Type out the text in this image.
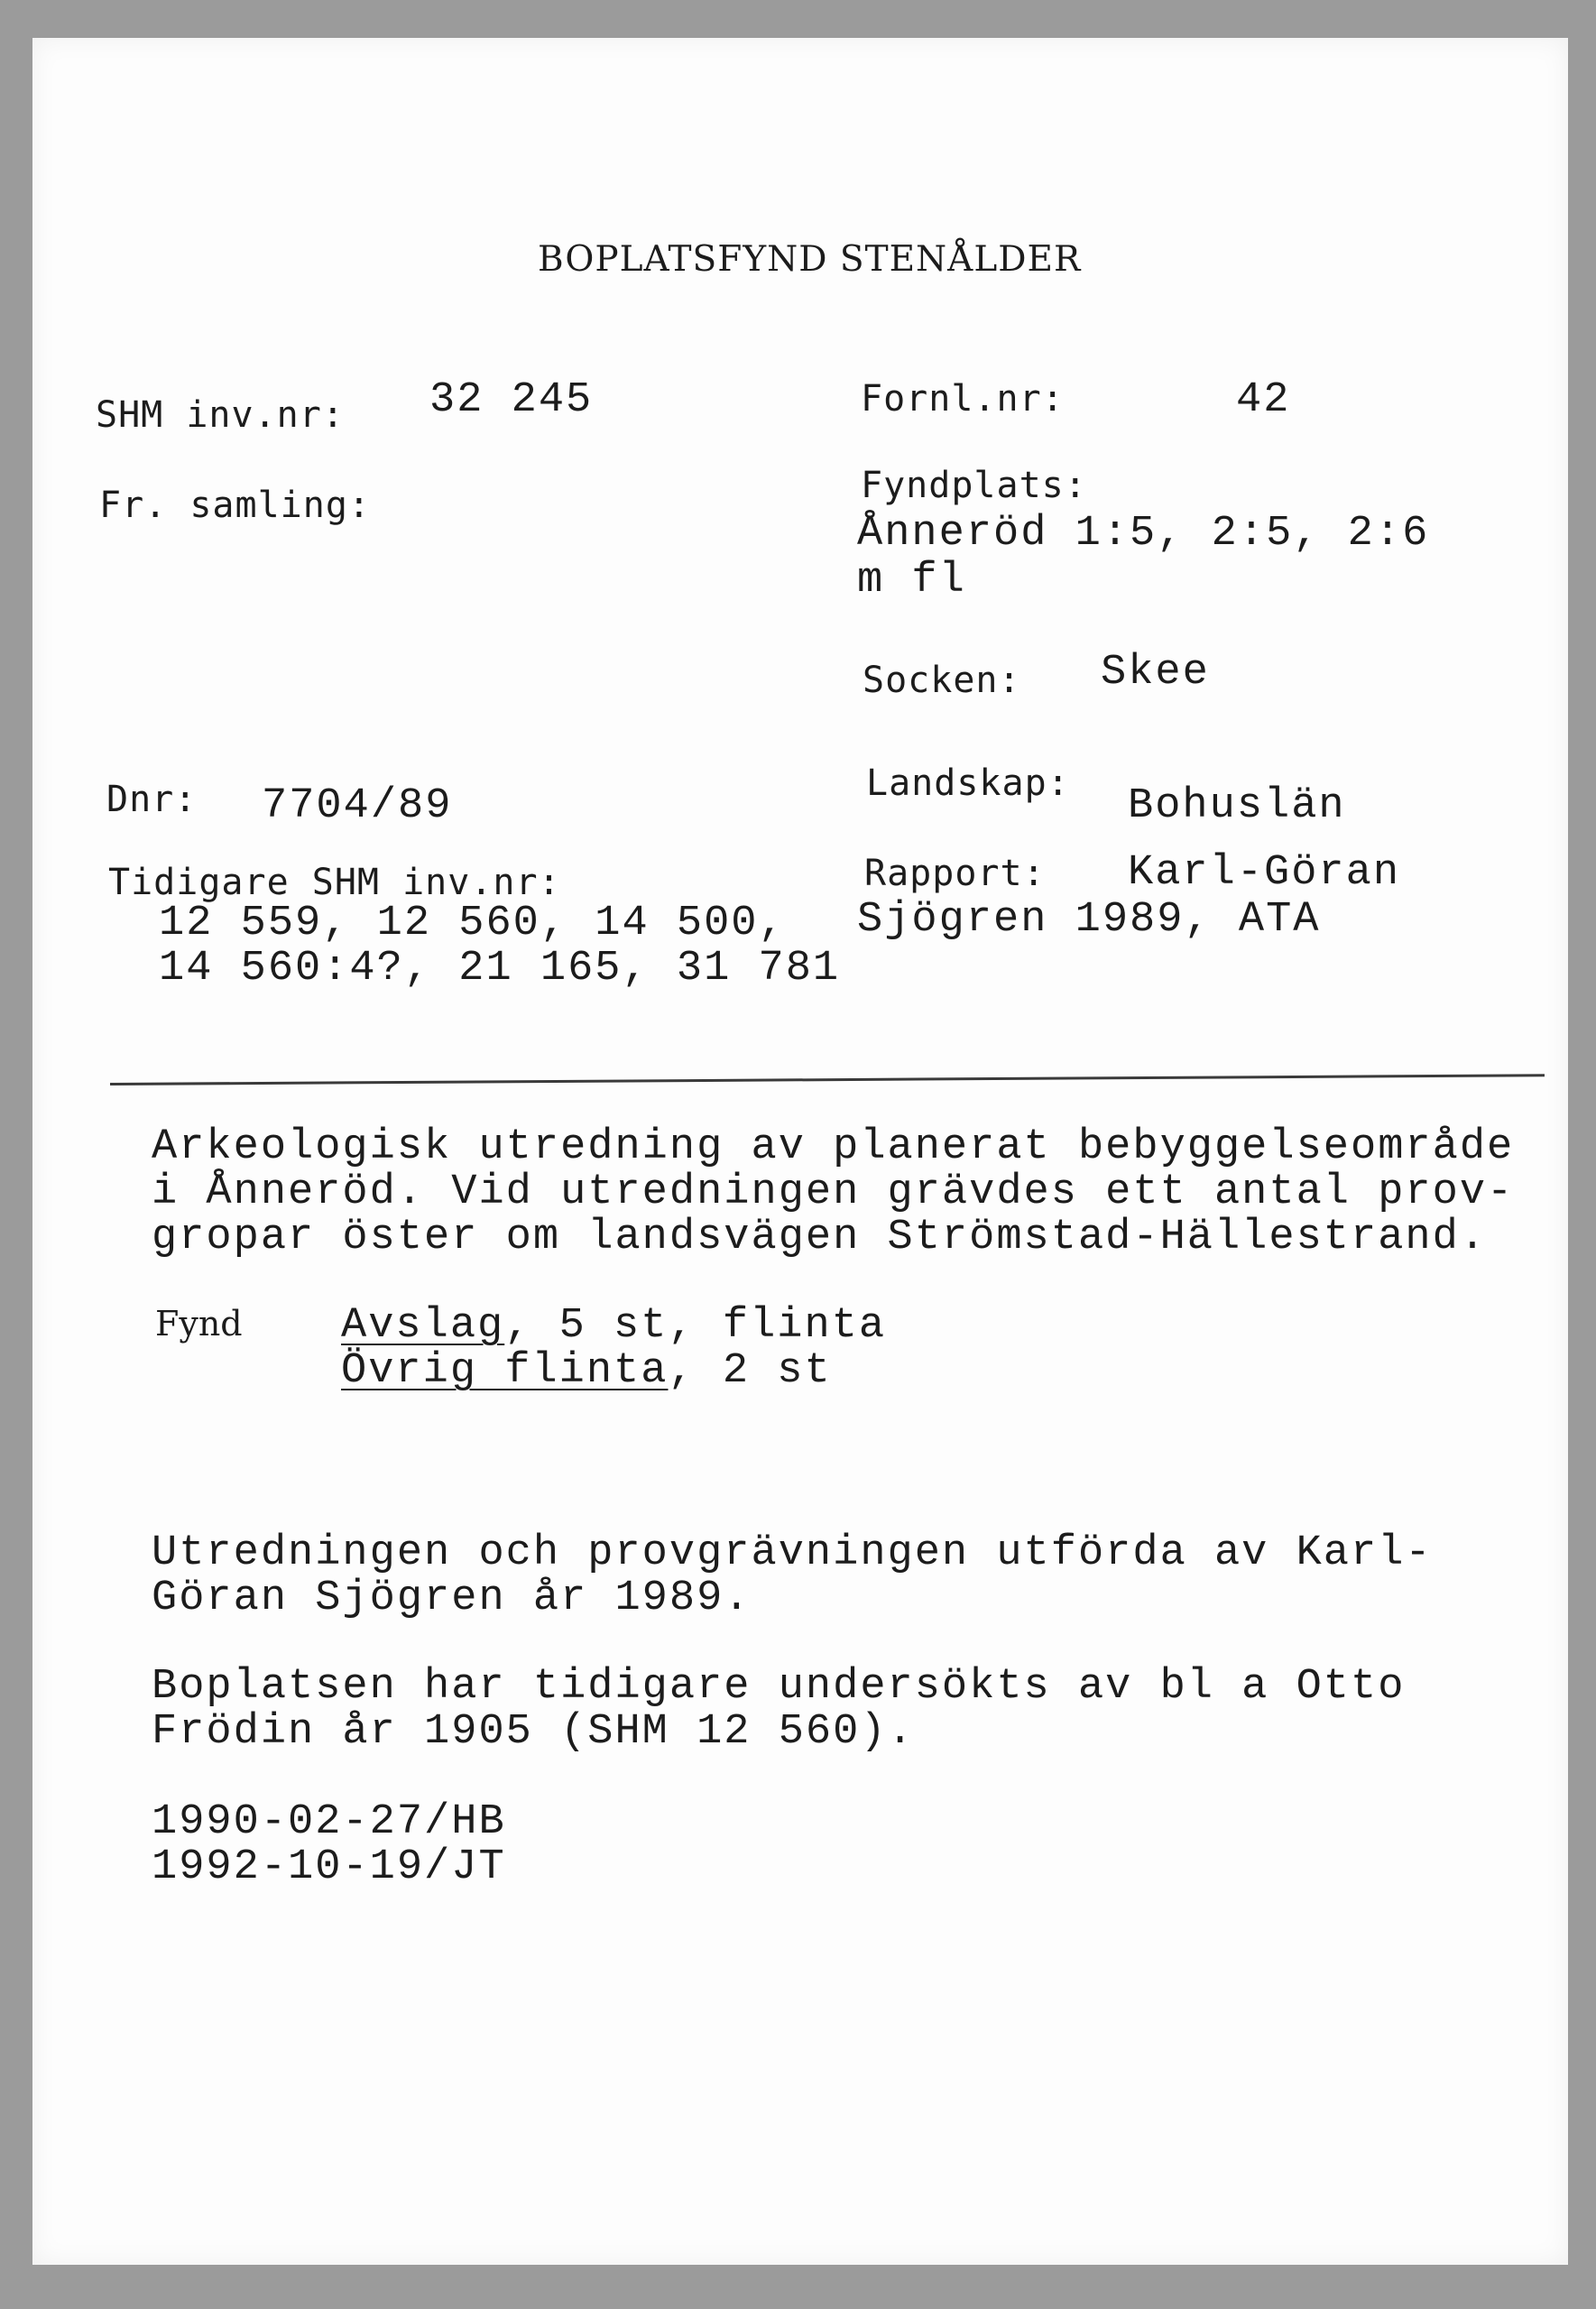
BOPLATSFYND STENÅLDER
SHM inv.nr: 32 245
Fr. samling:
Dnr: 7704/89
Tidigare SHM inv.nr:
12 559, 12 560, 14 500,
14 560:4?, 21 165, 31 781
Fornl.nr:	42
Fyndplats:
Ånneröd 1:5, 2:5, 2:6
m fl
Socken: Skee
Landskap: Bohuslän
Rapport: Karl-Göran
Sjögren 1989, ATA
Arkeologisk utredning av planerat bebyggelseområde
i Ånneröd. Vid utredningen grävdes ett antal prov-
gropar öster om landsvägen Strömstad-Hällestrand.
Fynd Avslag, 5 st, flinta
Övrig flinta, 2 st
Utredningen och provgrävningen utförda av Karl-
Göran Sjögren år 1989.
Boplatsen har tidigare undersökts av bl a Otto
Frödin år 1905 (SHM 12 560).
1990-02-27/HB
1992-10-19/JT
